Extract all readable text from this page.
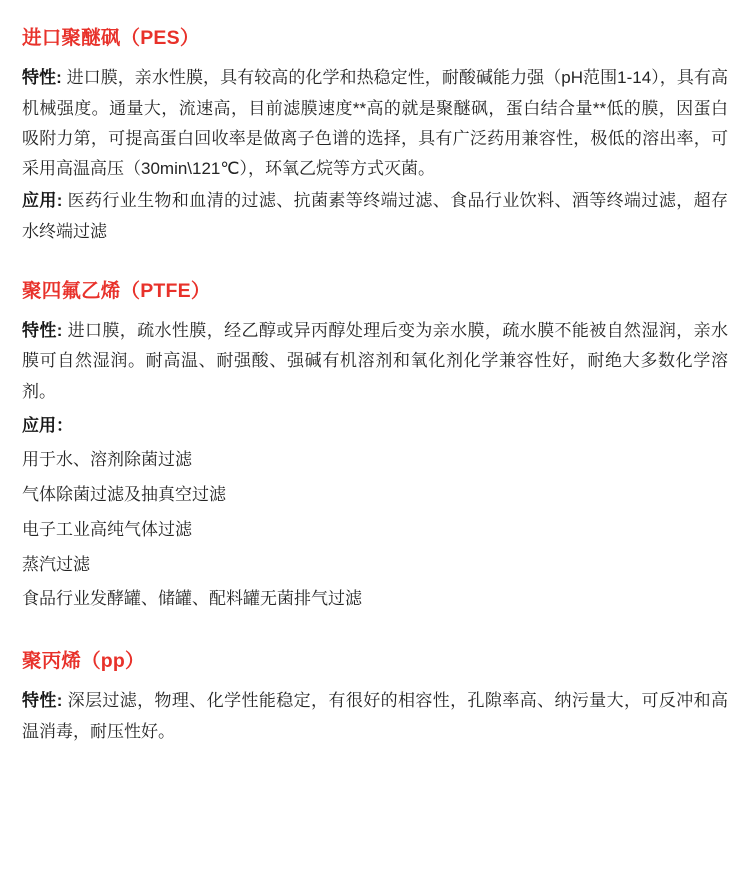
进口聚醚砜（PES）

特性: 进口膜，亲水性膜，具有较高的化学和热稳定性，耐酸碱能力强（pH范围1-14），具有高机械强度。通量大，流速高，目前滤膜速度**高的就是聚醚砜，蛋白结合量**低的膜，因蛋白吸附力第，可提高蛋白回收率是做离子色谱的选择，具有广泛药用兼容性，极低的溶出率，可采用高温高压（30min\121℃），环氧乙烷等方式灭菌。

应用: 医药行业生物和血清的过滤、抗菌素等终端过滤、食品行业饮料、酒等终端过滤，超存水终端过滤

聚四氟乙烯（PTFE）

特性: 进口膜，疏水性膜，经乙醇或异丙醇处理后变为亲水膜，疏水膜不能被自然湿润，亲水膜可自然湿润。耐高温、耐强酸、强碱有机溶剂和氧化剂化学兼容性好，耐绝大多数化学溶剂。

应用：
用于水、溶剂除菌过滤
气体除菌过滤及抽真空过滤
电子工业高纯气体过滤
蒸汽过滤
食品行业发酵罐、储罐、配料罐无菌排气过滤
聚丙烯（pp）

特性: 深层过滤，物理、化学性能稳定，有很好的相容性，孔隙率高、纳污量大，可反冲和高温消毒，耐压性好。
